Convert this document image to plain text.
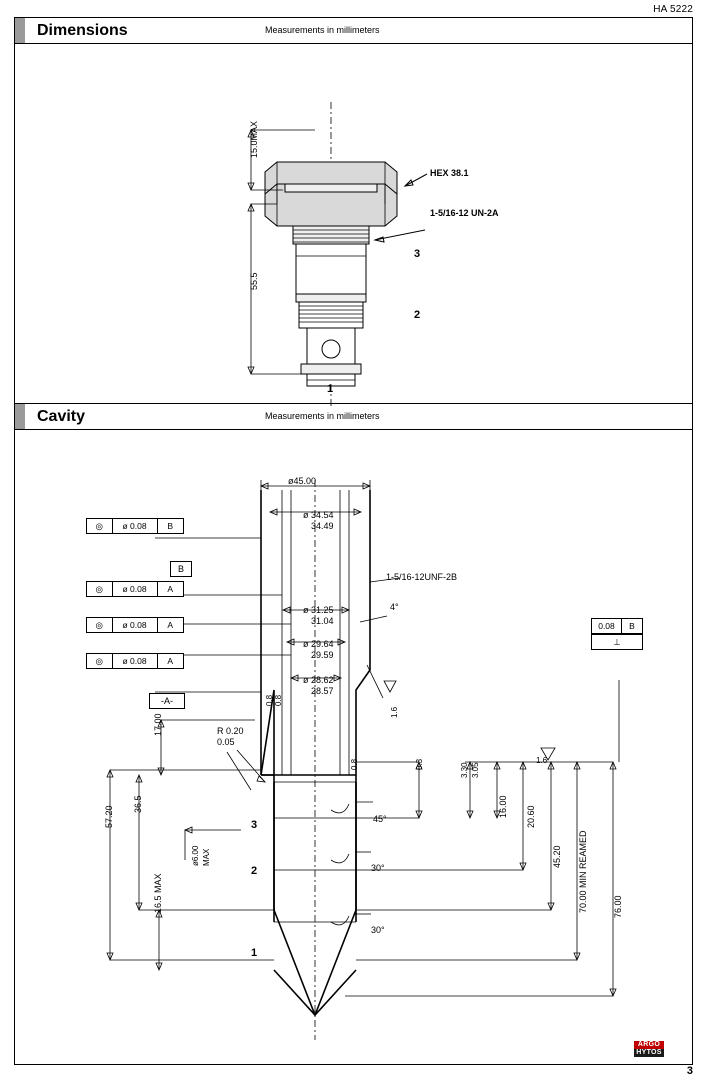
HA 5222
Dimensions	Measurements in millimeters
HEX 38.1
1-5/16-12 UN-2A
15.0MAX
55.5
3
2
1
Cavity	Measurements in millimeters
ø45.00
ø 34.54
34.49
ø 31.25
31.04
ø 29.64
29.59
ø 28.62
28.57
1-5/16-12UNF-2B
4°
◎	ø 0.08	B
B
◎	ø 0.08	A
◎	ø 0.08	A
◎	ø 0.08	A
-A-
0.08	B
⊥
R 0.20
0.05
0.8 0.8
0.8	0.3
1.6
1.6
17.00
36.5
57.20
16.5 MAX
ø6.00 MAX
3.30 3.05
16.00 20.60
45.20 70.00 MIN REAMED	76.00
45°
30°
30°
3
2
1
ARGO
HYTOS
3
